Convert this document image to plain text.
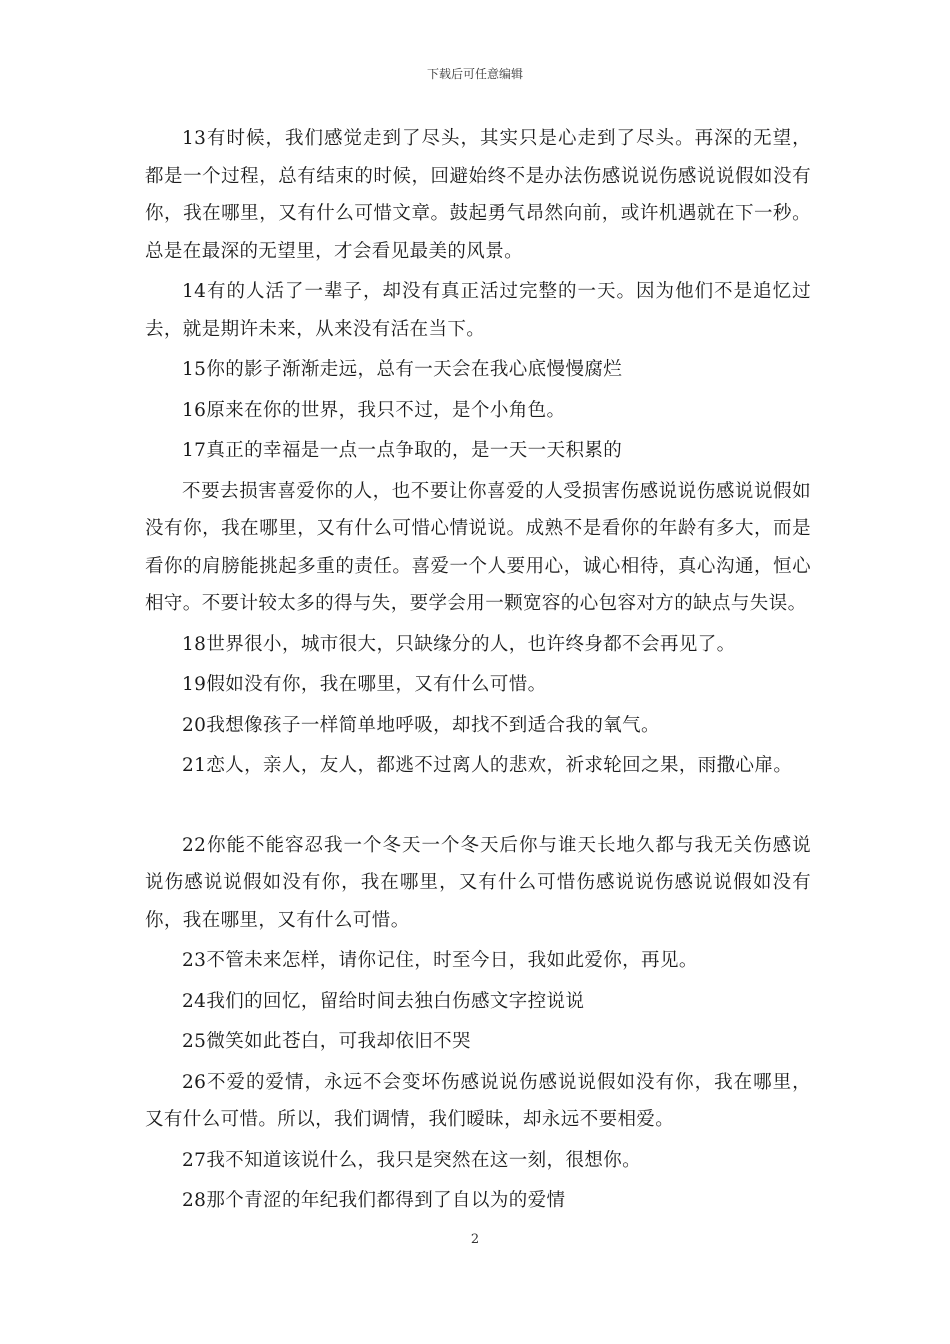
下载后可任意编辑

13有时候，我们感觉走到了尽头，其实只是心走到了尽头。再深的无望，都是一个过程，总有结束的时候，回避始终不是办法伤感说说伤感说说假如没有你，我在哪里，又有什么可惜文章。鼓起勇气昂然向前，或许机遇就在下一秒。总是在最深的无望里，才会看见最美的风景。

14有的人活了一辈子，却没有真正活过完整的一天。因为他们不是追忆过去，就是期许未来，从来没有活在当下。

15你的影子渐渐走远，总有一天会在我心底慢慢腐烂

16原来在你的世界，我只不过，是个小角色。

17真正的幸福是一点一点争取的，是一天一天积累的

不要去损害喜爱你的人，也不要让你喜爱的人受损害伤感说说伤感说说假如没有你，我在哪里，又有什么可惜心情说说。成熟不是看你的年龄有多大，而是看你的肩膀能挑起多重的责任。喜爱一个人要用心，诚心相待，真心沟通，恒心相守。不要计较太多的得与失，要学会用一颗宽容的心包容对方的缺点与失误。

18世界很小，城市很大，只缺缘分的人，也许终身都不会再见了。

19假如没有你，我在哪里，又有什么可惜。

20我想像孩子一样简单地呼吸，却找不到适合我的氧气。

21恋人，亲人，友人，都逃不过离人的悲欢，祈求轮回之果，雨撒心扉。

22你能不能容忍我一个冬天一个冬天后你与谁天长地久都与我无关伤感说说伤感说说假如没有你，我在哪里，又有什么可惜伤感说说伤感说说假如没有你，我在哪里，又有什么可惜。

23不管未来怎样，请你记住，时至今日，我如此爱你，再见。

24我们的回忆，留给时间去独白伤感文字控说说

25微笑如此苍白，可我却依旧不哭

26不爱的爱情，永远不会变坏伤感说说伤感说说假如没有你，我在哪里，又有什么可惜。所以，我们调情，我们暧昧，却永远不要相爱。

27我不知道该说什么，我只是突然在这一刻，很想你。

28那个青涩的年纪我们都得到了自以为的爱情

2
